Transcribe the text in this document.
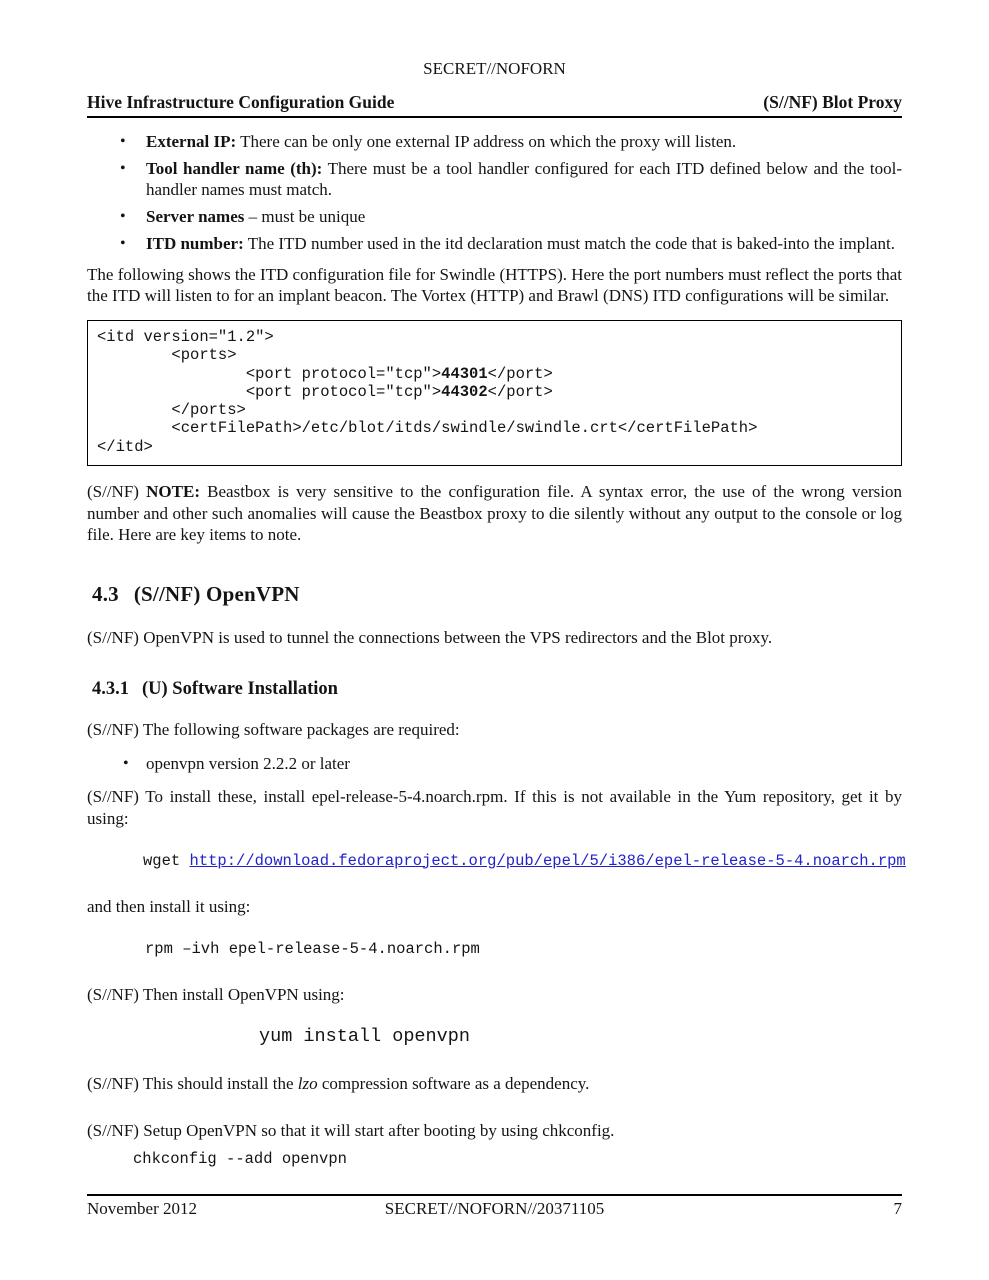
SECRET//NOFORN
Hive Infrastructure Configuration Guide	(S//NF) Blot Proxy
• External IP: There can be only one external IP address on which the proxy will listen.
• Tool handler name (th): There must be a tool handler configured for each ITD defined below and the tool-handler names must match.
• Server names – must be unique
• ITD number: The ITD number used in the itd declaration must match the code that is baked-into the implant.

The following shows the ITD configuration file for Swindle (HTTPS). Here the port numbers must reflect the ports that the ITD will listen to for an implant beacon. The Vortex (HTTP) and Brawl (DNS) ITD configurations will be similar.

<itd version="1.2">
<ports>
<port protocol="tcp">44301</port>
<port protocol="tcp">44302</port>
</ports>
<certFilePath>/etc/blot/itds/swindle/swindle.crt</certFilePath>
</itd>

(S//NF) NOTE: Beastbox is very sensitive to the configuration file. A syntax error, the use of the wrong version number and other such anomalies will cause the Beastbox proxy to die silently without any output to the console or log file. Here are key items to note.

4.3 (S//NF) OpenVPN

(S//NF) OpenVPN is used to tunnel the connections between the VPS redirectors and the Blot proxy.

4.3.1 (U) Software Installation

(S//NF) The following software packages are required:

• openvpn version 2.2.2 or later

(S//NF) To install these, install epel-release-5-4.noarch.rpm. If this is not available in the Yum repository, get it by using:

wget http://download.fedoraproject.org/pub/epel/5/i386/epel-release-5-4.noarch.rpm

and then install it using:

rpm –ivh epel-release-5-4.noarch.rpm

(S//NF) Then install OpenVPN using:

yum install openvpn

(S//NF) This should install the lzo compression software as a dependency.

(S//NF) Setup OpenVPN so that it will start after booting by using chkconfig.

chkconfig --add openvpn
November 2012	SECRET//NOFORN//20371105	7
